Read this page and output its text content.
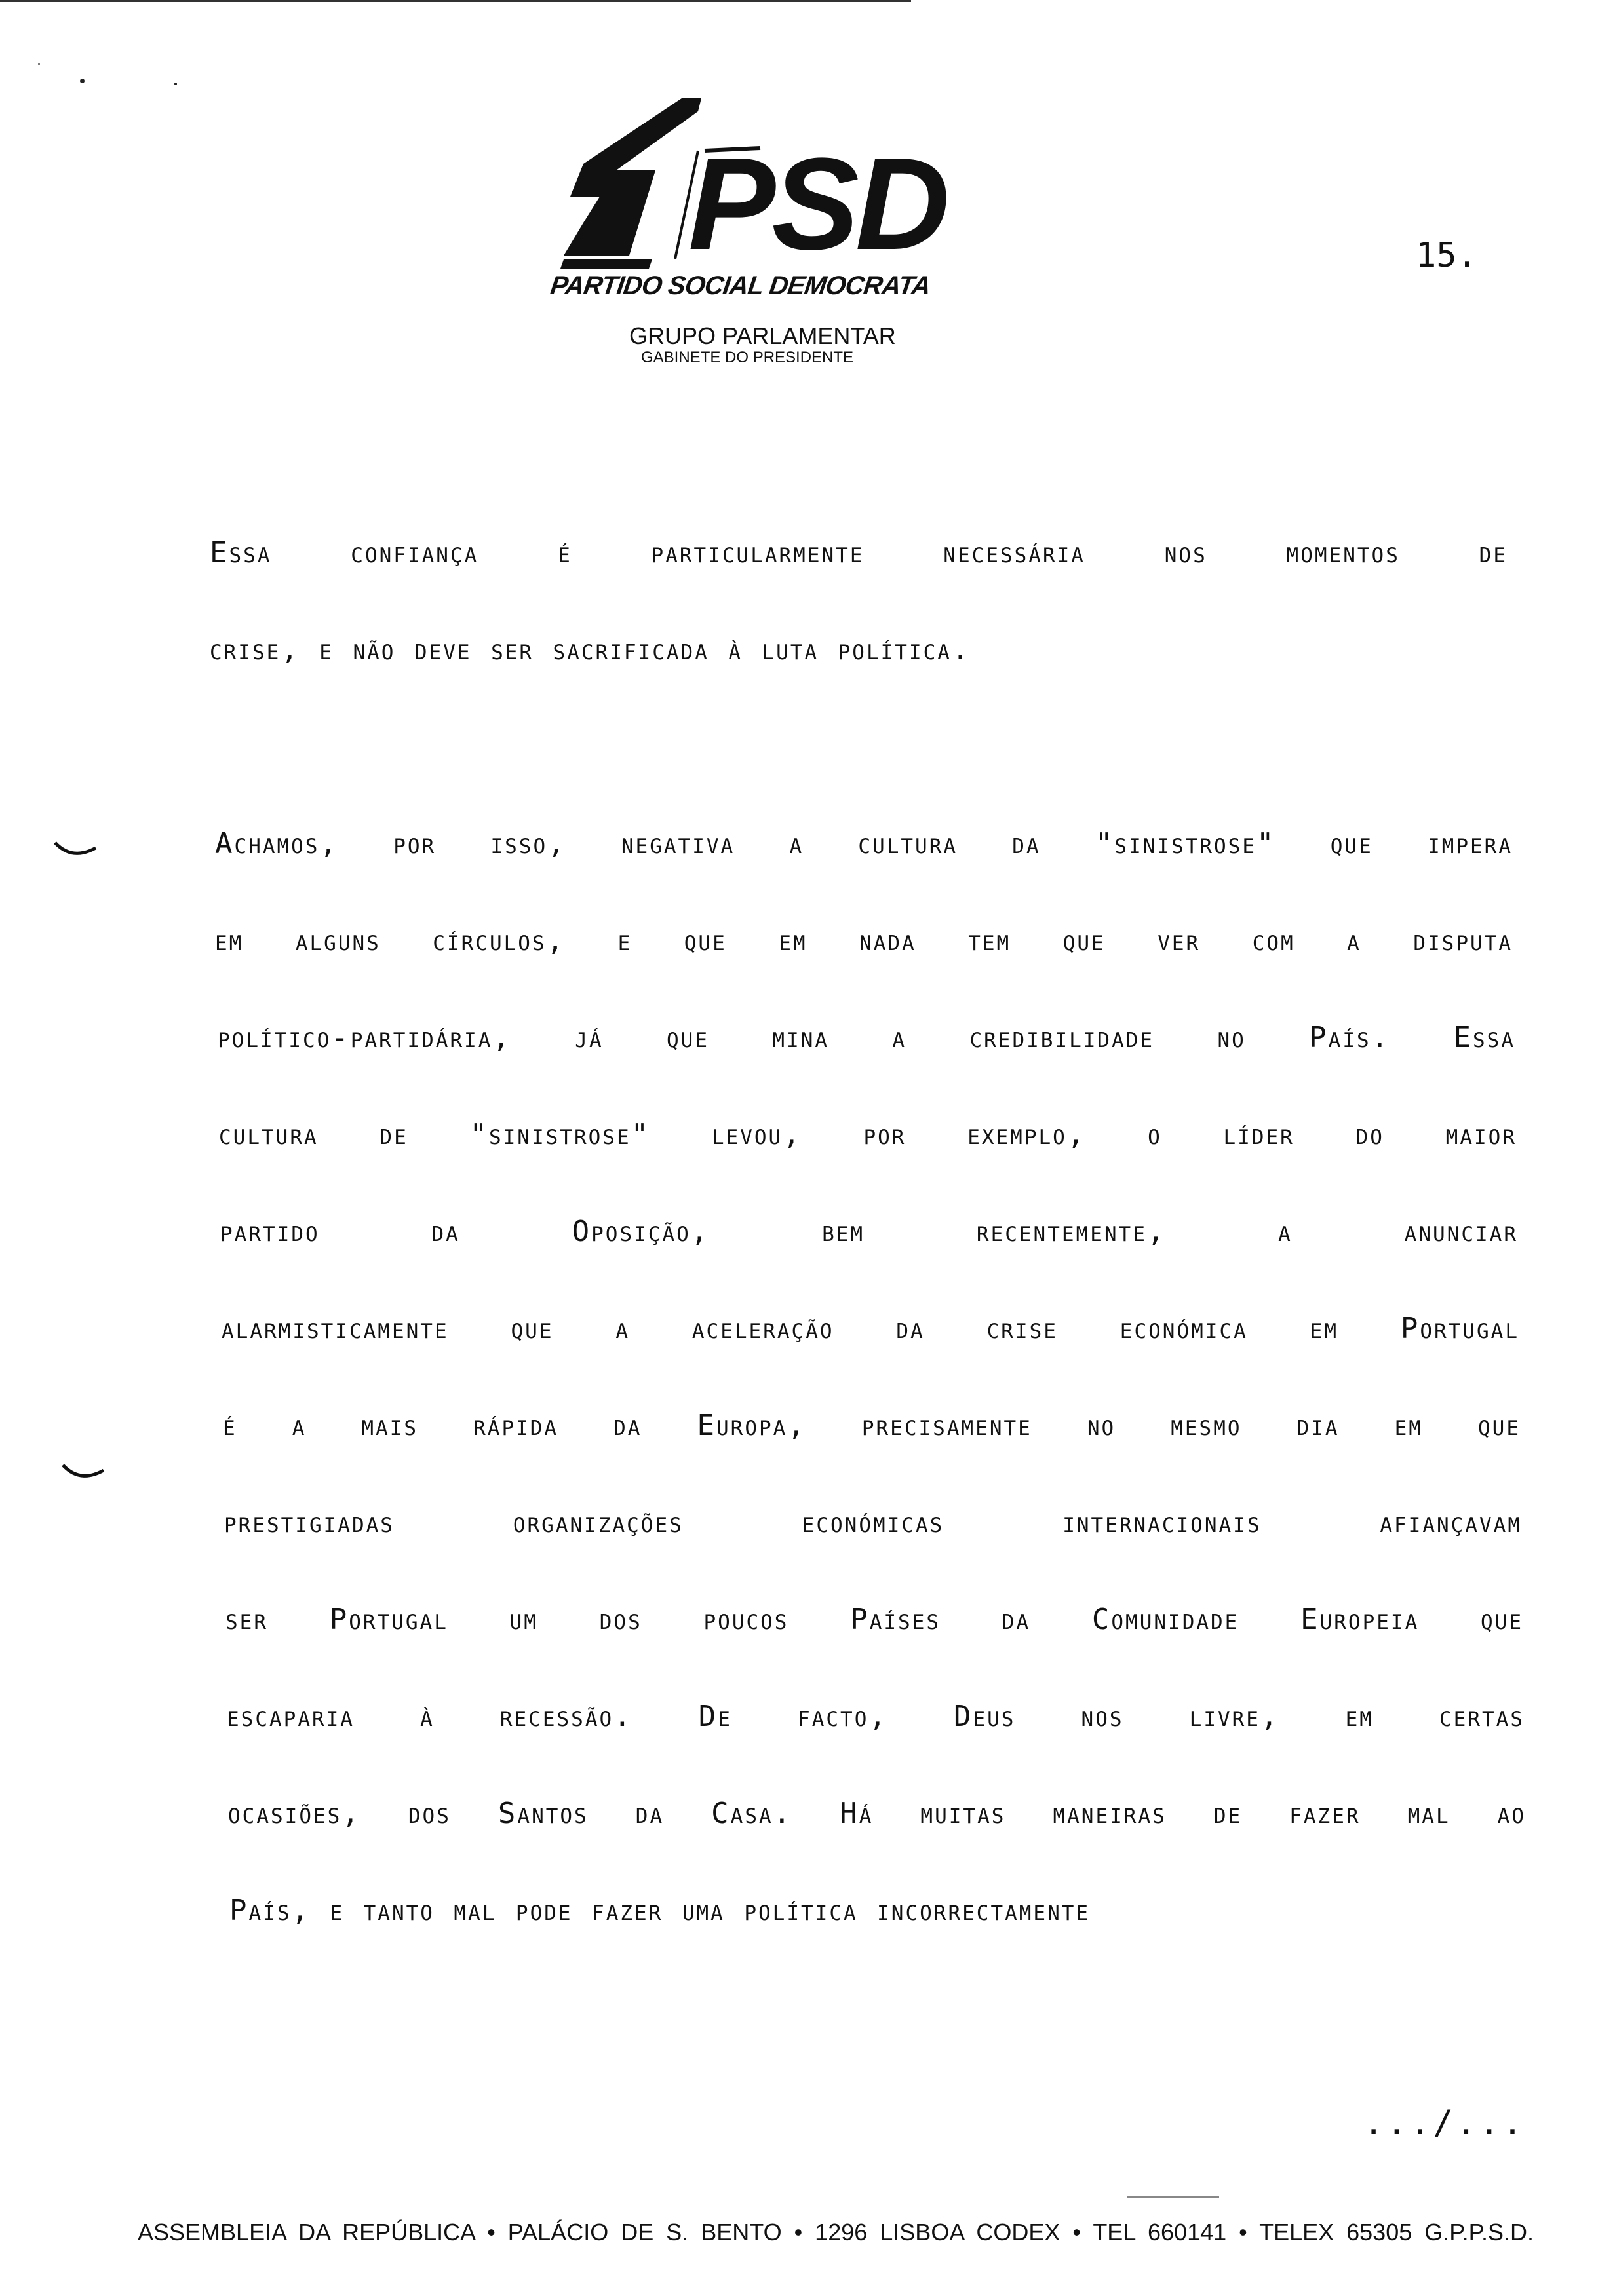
PSD
PARTIDO SOCIAL DEMOCRATA
GRUPO PARLAMENTAR
GABINETE DO PRESIDENTE
15.
Essa confiança é particularmente necessária nos momentos de
crise, e não deve ser sacrificada à luta política.
Achamos, por isso, negativa a cultura da "sinistrose" que impera
em alguns círculos, e que em nada tem que ver com a disputa
político-partidária, já que mina a credibilidade no País. Essa
cultura de "sinistrose" levou, por exemplo, o líder do maior
partido da Oposição, bem recentemente, a anunciar
alarmisticamente que a aceleração da crise económica em Portugal
é a mais rápida da Europa, precisamente no mesmo dia em que
prestigiadas organizações económicas internacionais afiançavam
ser Portugal um dos poucos Países da Comunidade Europeia que
escaparia à recessão. De facto, Deus nos livre, em certas
ocasiões, dos Santos da Casa. Há muitas maneiras de fazer mal ao
País, e tanto mal pode fazer uma política incorrectamente
.../...
ASSEMBLEIA DA REPÚBLICA • PALÁCIO DE S. BENTO • 1296 LISBOA CODEX • TEL 660141 • TELEX 65305 G.P.P.S.D.
